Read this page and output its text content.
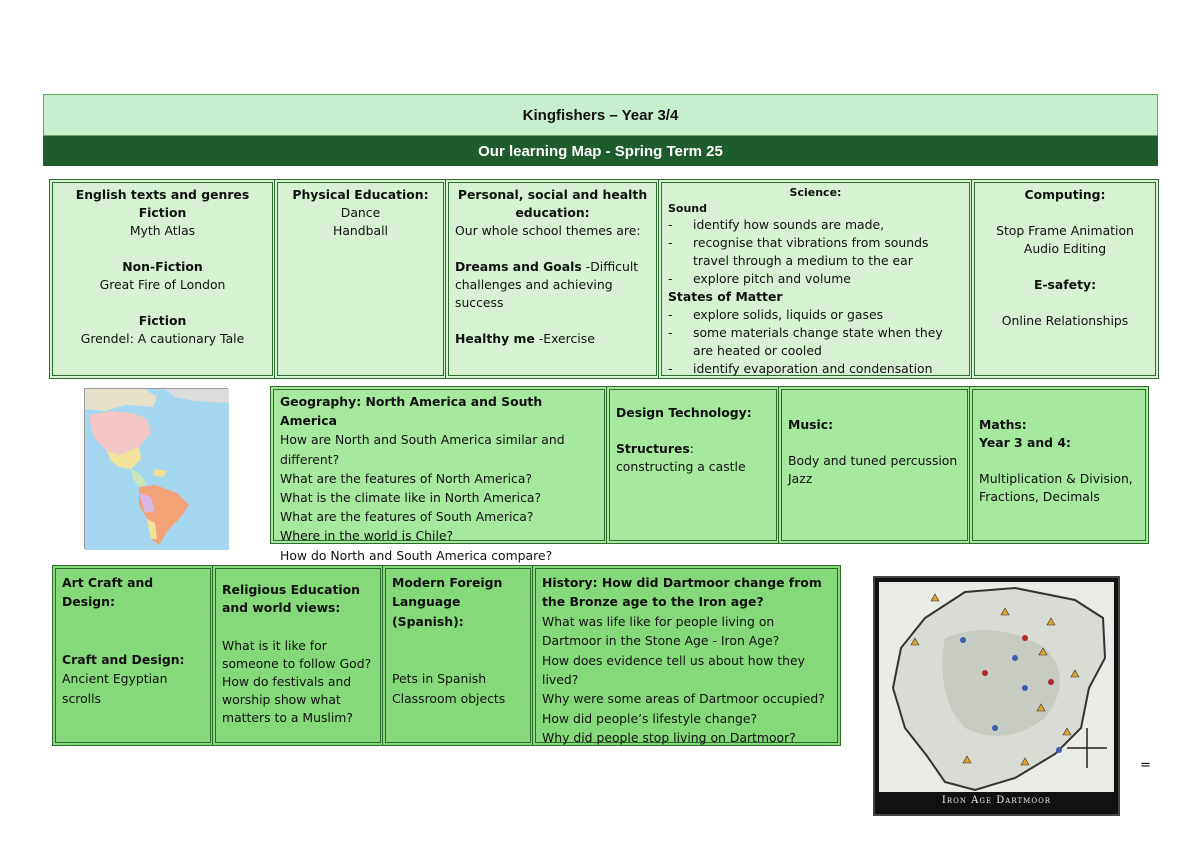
Kingfishers – Year 3/4
Our learning Map - Spring Term 25
English texts and genres
Fiction
Myth Atlas
Non-Fiction
Great Fire of London
Fiction
Grendel: A cautionary Tale
Physical Education:
Dance
Handball
Personal, social and health education:
Our whole school themes are:
Dreams and Goals -Difficult challenges and achieving success
Healthy me -Exercise
Science:
Sound
- identify how sounds are made,
- recognise that vibrations from sounds travel through a medium to the ear
- explore pitch and volume
States of Matter
- explore solids, liquids or gases
- some materials change state when they are heated or cooled
- identify evaporation and condensation
Computing:
Stop Frame Animation
Audio Editing
E-safety:
Online Relationships
Geography: North America and South America
How are North and South America similar and different?
What are the features of North America?
What is the climate like in North America?
What are the features of South America?
Where in the world is Chile?
How do North and South America compare?
Design Technology:
Structures: constructing a castle
Music:
Body and tuned percussion
Jazz
Maths:
Year 3 and 4:
Multiplication & Division, Fractions, Decimals
Art Craft and Design:
Craft and Design:
Ancient Egyptian scrolls
Religious Education and world views:
What is it like for someone to follow God?
How do festivals and worship show what matters to a Muslim?
Modern Foreign Language (Spanish):
Pets in Spanish
Classroom objects
History: How did Dartmoor change from the Bronze age to the Iron age?
What was life like for people living on Dartmoor in the Stone Age - Iron Age?
How does evidence tell us about how they lived?
Why were some areas of Dartmoor occupied?
How did people’s lifestyle change?
Why did people stop living on Dartmoor?
Iron Age Dartmoor
=
